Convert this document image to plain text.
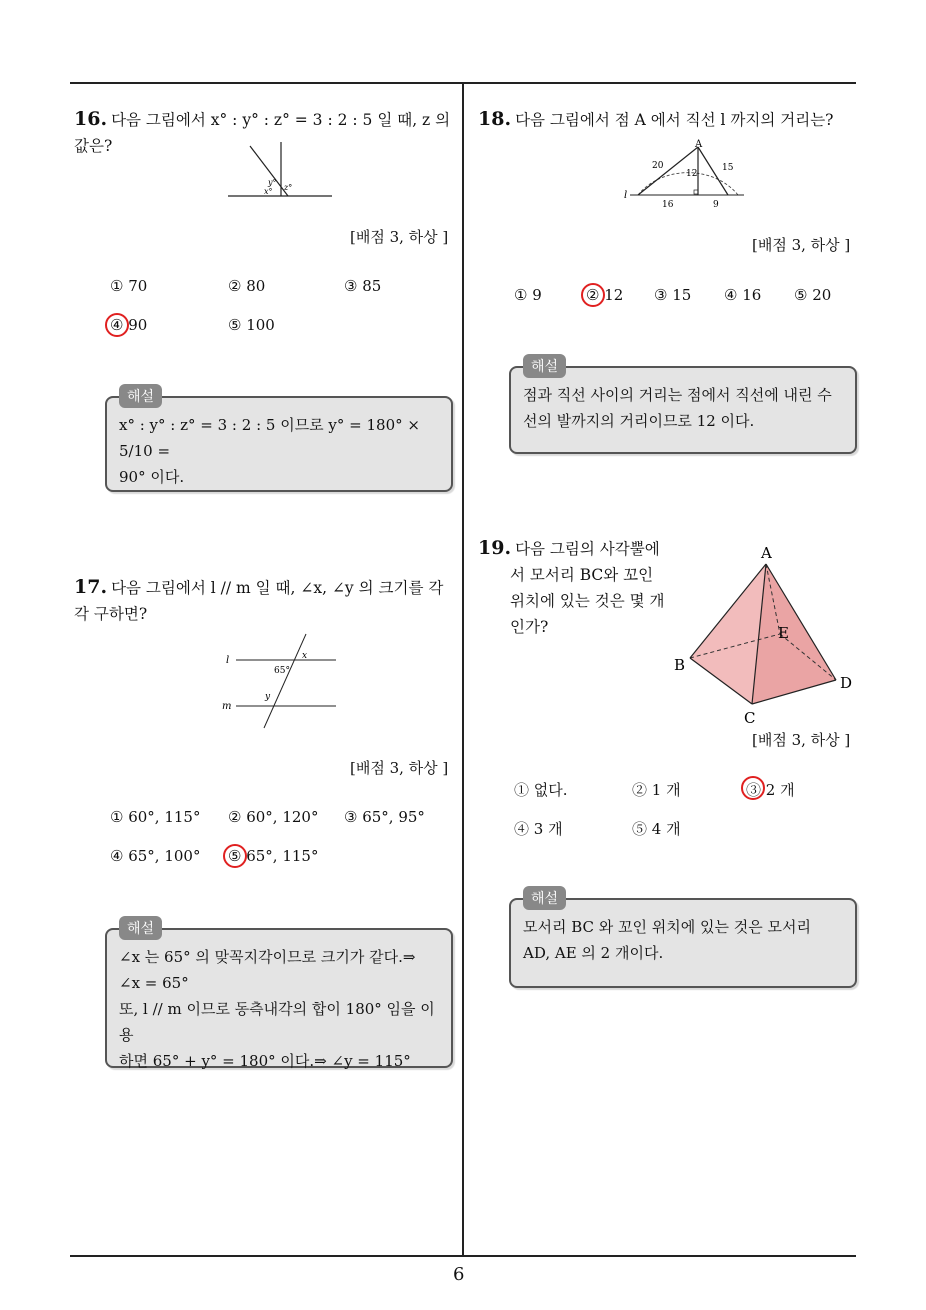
6
16. 다음 그림에서 x° : y° : z° = 3 : 2 : 5 일 때, z 의 값은?
y°
x° z°
[배점 3, 하상 ]
① 70	② 80	③ 85
④ 90	⑤ 100
x° : y° : z° = 3 : 2 : 5 이므로 y° = 180° × 5/10 =
90° 이다.
해설
17. 다음 그림에서 l // m 일 때, ∠x, ∠y 의 크기를 각각 구하면?
l
m
65°
x
y
[배점 3, 하상 ]
① 60°, 115° ② 60°, 120° ③ 65°, 95°
④ 65°, 100° ⑤ 65°, 115°
∠x 는 65° 의 맞꼭지각이므로 크기가 같다.⇒
∠x = 65°
또, l // m 이므로 동측내각의 합이 180° 임을 이용
하면 65° + y° = 180° 이다.⇒ ∠y = 115°
해설
18. 다음 그림에서 점 A 에서 직선 l 까지의 거리는?
A
l
20	15
12
16	9
[배점 3, 하상 ]
① 9	② 12 ③ 15 ④ 16 ⑤ 20
점과 직선 사이의 거리는 점에서 직선에 내린 수
선의 발까지의 거리이므로 12 이다.
해설
19. 다음 그림의 사각뿔에
서 모서리 BC와 꼬인
위치에 있는 것은 몇 개
인가?
A
B
C
D
E
[배점 3, 하상 ]
① 없다.	② 1 개	③ 2 개
④ 3 개	⑤ 4 개
모서리 BC 와 꼬인 위치에 있는 것은 모서리
AD, AE 의 2 개이다.
해설
